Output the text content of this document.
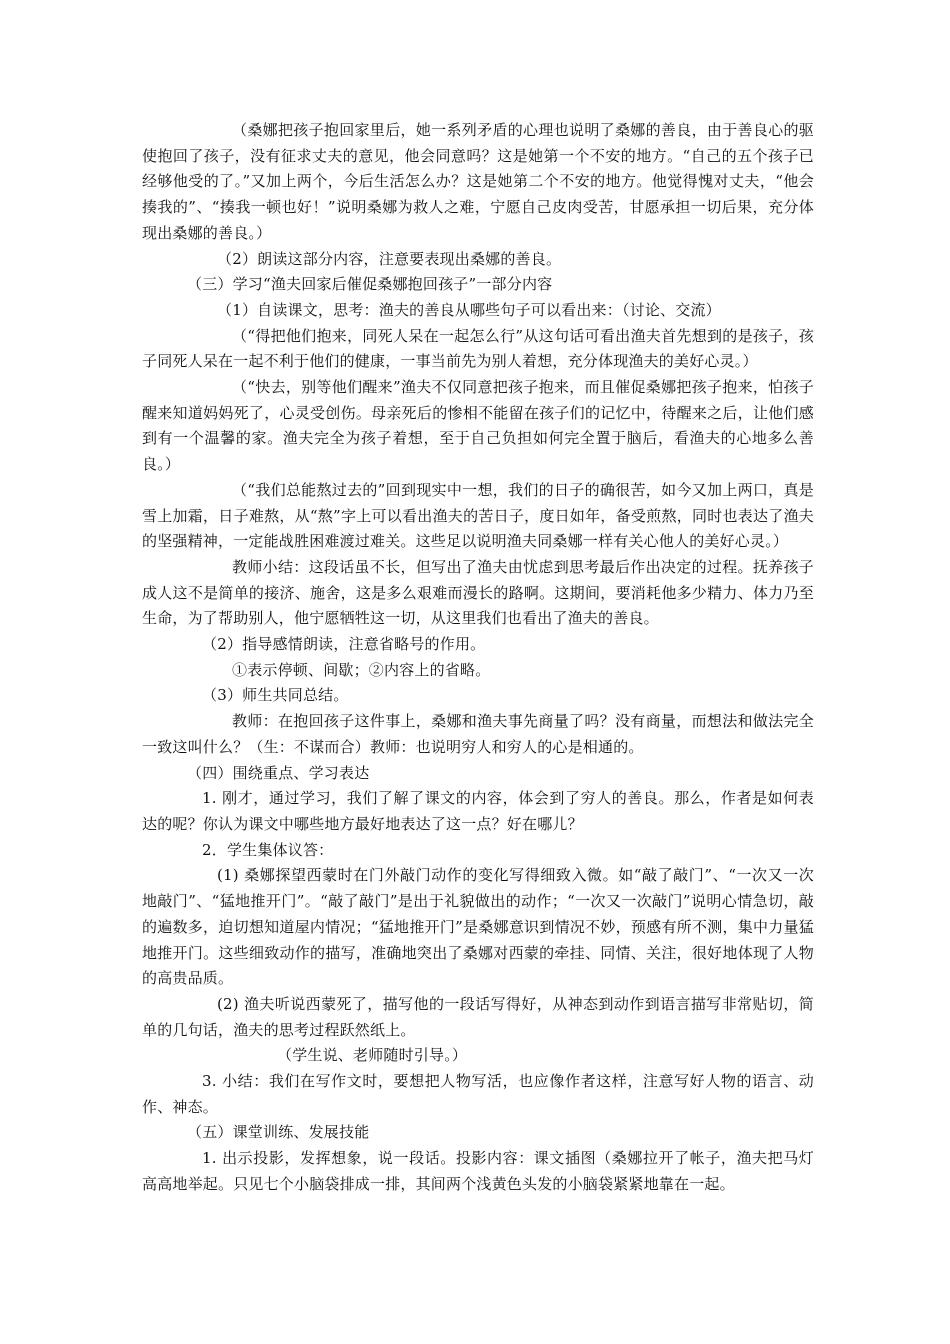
（桑娜把孩子抱回家里后，她一系列矛盾的心理也说明了桑娜的善良，由于善良心的驱使抱回了孩子，没有征求丈夫的意见，他会同意吗？这是她第一个不安的地方。“自己的五个孩子已经够他受的了。”又加上两个，今后生活怎么办？这是她第二个不安的地方。他觉得愧对丈夫，“他会揍我的”、“揍我一顿也好！”说明桑娜为救人之难，宁愿自己皮肉受苦，甘愿承担一切后果，充分体现出桑娜的善良。）

（2）朗读这部分内容，注意要表现出桑娜的善良。

（三）学习“渔夫回家后催促桑娜抱回孩子”一部分内容

（1）自读课文，思考：渔夫的善良从哪些句子可以看出来：（讨论、交流）

（“得把他们抱来，同死人呆在一起怎么行”从这句话可看出渔夫首先想到的是孩子，孩子同死人呆在一起不利于他们的健康，一事当前先为别人着想，充分体现渔夫的美好心灵。）

（“快去，别等他们醒来”渔夫不仅同意把孩子抱来，而且催促桑娜把孩子抱来，怕孩子醒来知道妈妈死了，心灵受创伤。母亲死后的惨相不能留在孩子们的记忆中，待醒来之后，让他们感到有一个温馨的家。渔夫完全为孩子着想，至于自己负担如何完全置于脑后，看渔夫的心地多么善良。）

（“我们总能熬过去的”回到现实中一想，我们的日子的确很苦，如今又加上两口，真是雪上加霜，日子难熬，从“熬”字上可以看出渔夫的苦日子，度日如年，备受煎熬，同时也表达了渔夫的坚强精神，一定能战胜困难渡过难关。这些足以说明渔夫同桑娜一样有关心他人的美好心灵。）

教师小结：这段话虽不长，但写出了渔夫由忧虑到思考最后作出决定的过程。抚养孩子成人这不是简单的接济、施舍，这是多么艰难而漫长的路啊。这期间，要消耗他多少精力、体力乃至生命，为了帮助别人，他宁愿牺牲这一切，从这里我们也看出了渔夫的善良。

（2）指导感情朗读，注意省略号的作用。

①表示停顿、间歇；②内容上的省略。

（3）师生共同总结。

教师：在抱回孩子这件事上，桑娜和渔夫事先商量了吗？没有商量，而想法和做法完全一致这叫什么？（生：不谋而合）教师：也说明穷人和穷人的心是相通的。

（四）围绕重点、学习表达

1. 刚才，通过学习，我们了解了课文的内容，体会到了穷人的善良。那么，作者是如何表达的呢？你认为课文中哪些地方最好地表达了这一点？好在哪儿？

2．学生集体议答：

(1) 桑娜探望西蒙时在门外敲门动作的变化写得细致入微。如“敲了敲门”、“一次又一次地敲门”、“猛地推开门”。“敲了敲门”是出于礼貌做出的动作；“一次又一次敲门”说明心情急切，敲的遍数多，迫切想知道屋内情况；“猛地推开门”是桑娜意识到情况不妙，预感有所不测，集中力量猛地推开门。这些细致动作的描写，准确地突出了桑娜对西蒙的牵挂、同情、关注，很好地体现了人物的高贵品质。

(2) 渔夫听说西蒙死了，描写他的一段话写得好，从神态到动作到语言描写非常贴切，简单的几句话，渔夫的思考过程跃然纸上。

（学生说、老师随时引导。）

3. 小结：我们在写作文时，要想把人物写活，也应像作者这样，注意写好人物的语言、动作、神态。

（五）课堂训练、发展技能

1. 出示投影，发挥想象，说一段话。投影内容：课文插图（桑娜拉开了帐子，渔夫把马灯高高地举起。只见七个小脑袋排成一排，其间两个浅黄色头发的小脑袋紧紧地靠在一起。
